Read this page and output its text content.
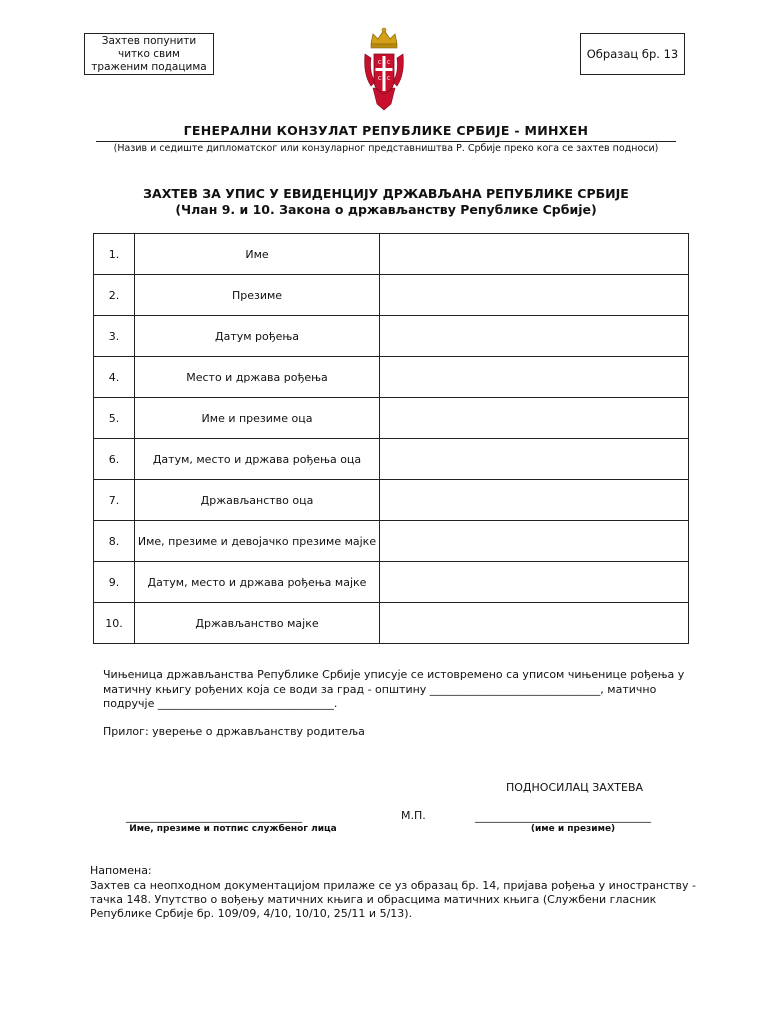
Захтев попунити
читко свим
траженим подацима	С С
С С
Образац бр. 13
ГЕНЕРАЛНИ КОНЗУЛАТ РЕПУБЛИКЕ СРБИЈЕ - МИНХЕН
(Назив и седиште дипломатског или конзуларног представништва Р. Србије преко кога се захтев подноси)
ЗАХТЕВ ЗА УПИС У ЕВИДЕНЦИЈУ ДРЖАВЉАНА РЕПУБЛИКЕ СРБИЈЕ
(Члан 9. и 10. Закона о држављанству Републике Србије)
1.	Име	
2.	Презиме	
3.	Датум рођења	
4.	Место и држава рођења	
5.	Име и презиме оца	
6.	Датум, место и држава рођења оца	
7.	Држављанство оца	
8.	Име, презиме и девојачко презиме мајке	
9.	Датум, место и држава рођења мајке	
10.	Држављанство мајке	
Чињеница држављанства Републике Србије уписује се истовремено са уписом чињенице рођења у
матичну књигу рођених која се води за град - општину _______________________________, матично
подручје ________________________________.
Прилог: уверење о држављанству родитеља
ПОДНОСИЛАЦ ЗАХТЕВА
________________________________	М.П.	________________________________
Име, презиме и потпис службеног лица	(име и презиме)
Напомена:
Захтев са неопходном документацијом прилаже се уз образац бр. 14, пријава рођења у иностранству -
тачка 148. Упутство о вођењу матичних књига и обрасцима матичних књига (Службени гласник
Републике Србије бр. 109/09, 4/10, 10/10, 25/11 и 5/13).
